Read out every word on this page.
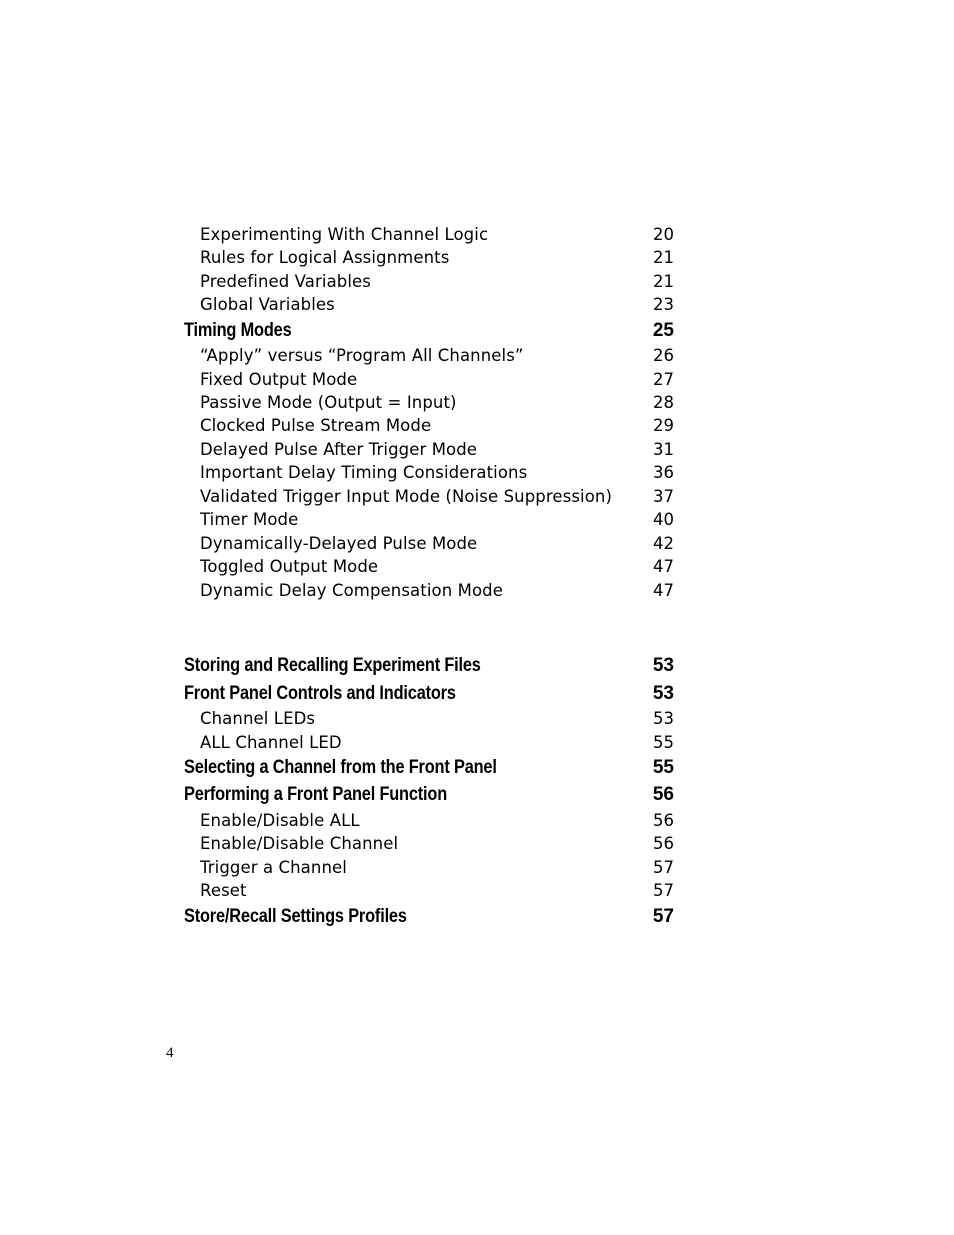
Experimenting With Channel Logic	20
Rules for Logical Assignments	21
Predefined Variables	21
Global Variables	23
Timing Modes	25
“Apply” versus “Program All Channels”	26
Fixed Output Mode	27
Passive Mode (Output = Input)	28
Clocked Pulse Stream Mode	29
Delayed Pulse After Trigger Mode	31
Important Delay Timing Considerations	36
Validated Trigger Input Mode (Noise Suppression) 37
Timer Mode	40
Dynamically-Delayed Pulse Mode	42
Toggled Output Mode	47
Dynamic Delay Compensation Mode	47
Storing and Recalling Experiment Files	53
Front Panel Controls and Indicators	53
Channel LEDs	53
ALL Channel LED	55
Selecting a Channel from the Front Panel	55
Performing a Front Panel Function	56
Enable/Disable ALL	56
Enable/Disable Channel	56
Trigger a Channel	57
Reset	57
Store/Recall Settings Profiles	57
4
